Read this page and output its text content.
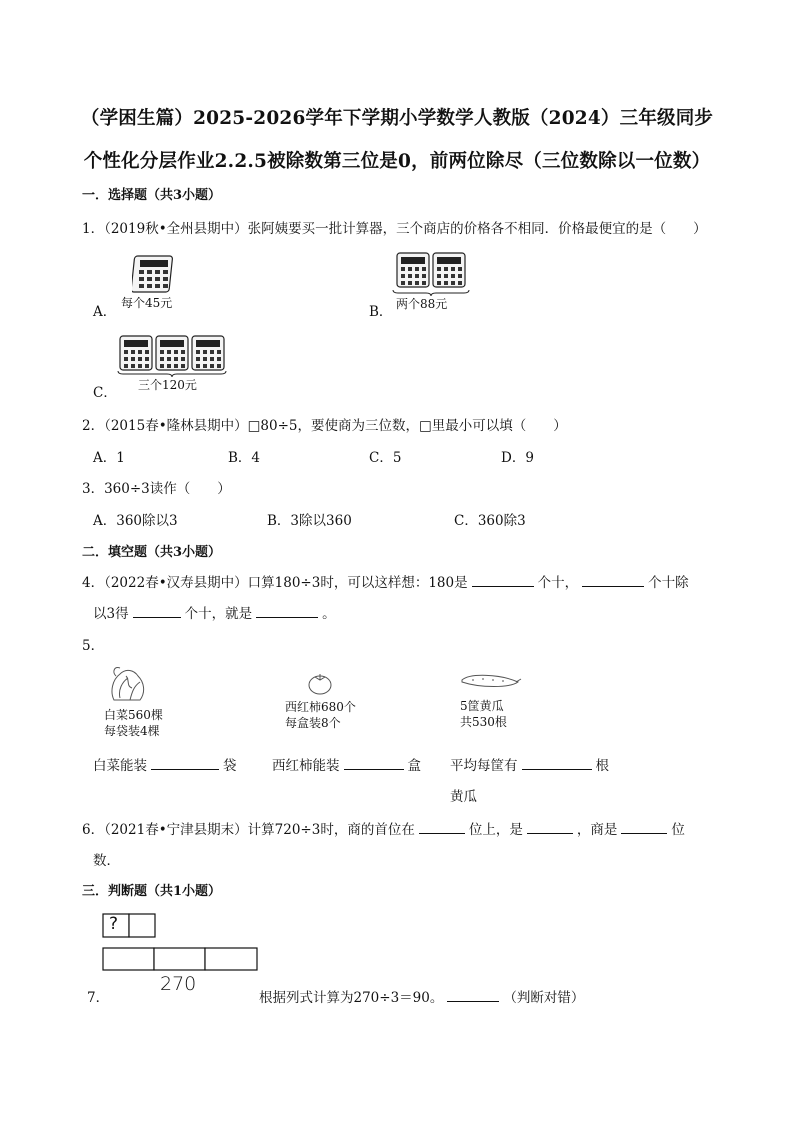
（学困生篇）2025-2026学年下学期小学数学人教版（2024）三年级同步
个性化分层作业2.2.5被除数第三位是0，前两位除尽（三位数除以一位数）
一．选择题（共3小题）
1．（2019秋•全州县期中）张阿姨要买一批计算器，三个商店的价格各不相同．价格最便宜的是（　　）
A．
每个45元
B． 两个88元
C． 三个120元
2．（2015春•隆林县期中）□80÷5，要使商为三位数，□里最小可以填（　　）
A．1	B．4	C．5	D．9
3．360÷3读作（　　）
A．360除以3	B．3除以360	C．360除3
二．填空题（共3小题）
4．（2022春•汉寿县期中）口算180÷3时，可以这样想：180是	个十，	个十除
以3得	个十，就是	。
5．
白菜560棵
每袋装4棵
西红柿680个
每盒装8个
5筐黄瓜
共530根
白菜能装	袋	西红柿能装	盒 平均每筐有	根
黄瓜
6．（2021春•宁津县期末）计算720÷3时，商的首位在	位上，是	，商是	位
数．
三．判断题（共1小题）
?
270
7．	根据列式计算为270÷3＝90。	（判断对错）
